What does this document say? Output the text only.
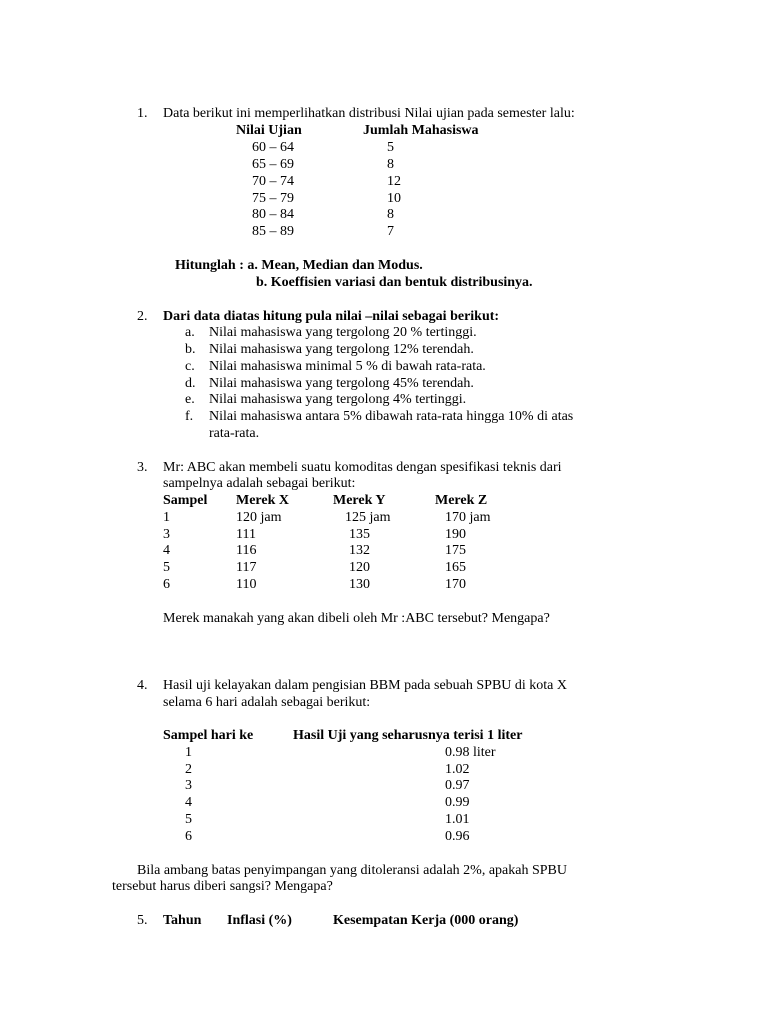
1. Data berikut ini memperlihatkan distribusi Nilai ujian pada semester lalu:
Nilai Ujian	Jumlah Mahasiswa
60 – 64	5
65 – 69	8
70 – 74	12
75 – 79	10
80 – 84	8
85 – 89	7
Hitunglah : a. Mean, Median dan Modus.
b. Koeffisien variasi dan bentuk distribusinya.
2. Dari data diatas hitung pula nilai –nilai sebagai berikut:
a. Nilai mahasiswa yang tergolong 20 % tertinggi.
b. Nilai mahasiswa yang tergolong 12% terendah.
c. Nilai mahasiswa minimal 5 % di bawah rata-rata.
d. Nilai mahasiswa yang tergolong 45% terendah.
e. Nilai mahasiswa yang tergolong 4% tertinggi.
f. Nilai mahasiswa antara 5% dibawah rata-rata hingga 10% di atas
rata-rata.
3. Mr: ABC akan membeli suatu komoditas dengan spesifikasi teknis dari
sampelnya adalah sebagai berikut:
Sampel Merek X	Merek Y	Merek Z
1	120 jam	125 jam	170 jam
3	111	135	190
4	116	132	175
5	117	120	165
6	110	130	170
Merek manakah yang akan dibeli oleh Mr :ABC tersebut? Mengapa?
4. Hasil uji kelayakan dalam pengisian BBM pada sebuah SPBU di kota X
selama 6 hari adalah sebagai berikut:
Sampel hari ke	Hasil Uji yang seharusnya terisi 1 liter
1	0.98 liter
2	1.02
3	0.97
4	0.99
5	1.01
6	0.96
Bila ambang batas penyimpangan yang ditoleransi adalah 2%, apakah SPBU
tersebut harus diberi sangsi? Mengapa?
5. Tahun Inflasi (%)	Kesempatan Kerja (000 orang)
